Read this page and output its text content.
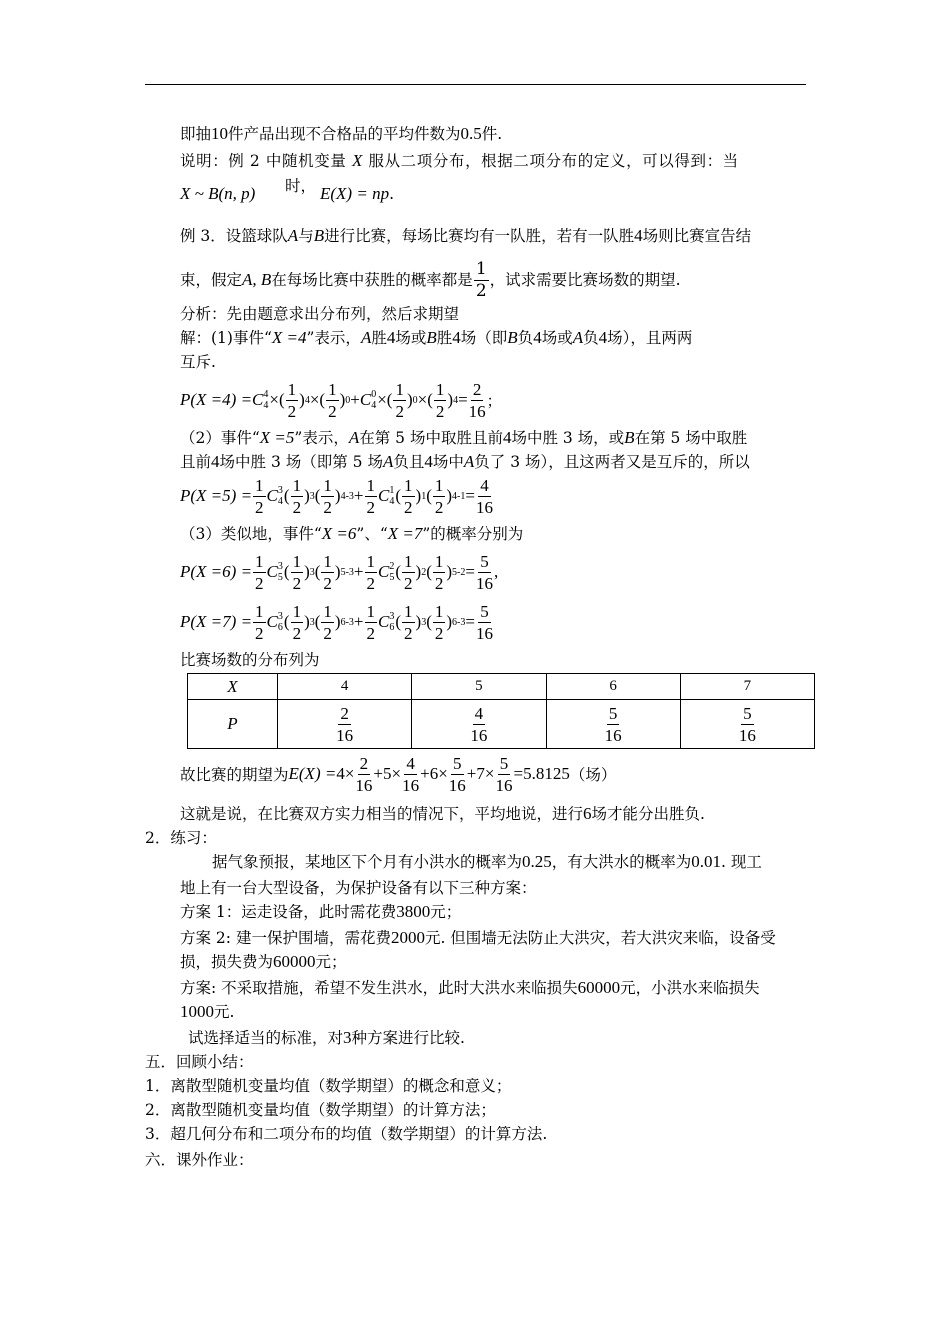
即抽10件产品出现不合格品的平均件数为0.5件.
说明：例 2 中随机变量 X 服从二项分布，根据二项分布的定义，可以得到：当
X ~ B(n, p) 时， E(X) = np.
例 3．设篮球队A与B进行比赛，每场比赛均有一队胜，若有一队胜4场则比赛宣告结
束，假定 A, B 在每场比赛中获胜的概率都是 $\frac{1}{2}$ ，试求需要比赛场数的期望.
分析：先由题意求出分布列，然后求期望
解：(1)事件“X =4”表示，A胜4场或B胜4场（即B负4场或A负4场），且两两
互斥.
P(X =4) = C 4
4 × ( $\frac{1}{2}$ ) 4 × ( $\frac{1}{2}$ ) 0 + C 0
4 × ( $\frac{1}{2}$ ) 0 × ( $\frac{1}{2}$ ) $4 = \frac{2}{16}$ ；
（2）事件“X =5”表示，A在第 5 场中取胜且前4场中胜 3 场，或B在第 5 场中取胜
且前4场中胜 3 场（即第 5 场A负且4场中A负了 3 场），且这两者又是互斥的，所以
$P(X =5) = \frac{1}{2}$ C 3
4 ( $\frac{1}{2}$ ) 3 ( $\frac{1}{2}$ ) $4-3 + \frac{1}{2}$ C 1
4 ( $\frac{1}{2}$ ) 1 ( $\frac{1}{2}$ ) $4-1 = \frac{4}{16}$
（3）类似地，事件“X =6”、“X =7”的概率分别为
$P(X =6) = \frac{1}{2}$ C 3
5 ( $\frac{1}{2}$ ) 3 ( $\frac{1}{2}$ ) $5-3 + \frac{1}{2}$ C 2
5 ( $\frac{1}{2}$ ) 2 ( $\frac{1}{2}$ ) $5-2 = \frac{5}{16}$ ,
$P(X =7) = \frac{1}{2}$ C 3
6 ( $\frac{1}{2}$ ) 3 ( $\frac{1}{2}$ ) $6-3 + \frac{1}{2}$ C 3
6 ( $\frac{1}{2}$ ) 3 ( $\frac{1}{2}$ ) $6-3 = \frac{5}{16}$
比赛场数的分布列为
X	4	5	6	7
P	$\frac{2}{16}$	$\frac{4}{16}$	$\frac{5}{16}$	$\frac{5}{16}$
故比赛的期望为 $E(X) = 4\times \frac{2}{16} +5\times \frac{4}{16} +6\times \frac{5}{16} +7\times \frac{5}{16} =5.8125$ （场）
这就是说，在比赛双方实力相当的情况下，平均地说，进行6场才能分出胜负.
2．练习：
据气象预报，某地区下个月有小洪水的概率为0.25，有大洪水的概率为0.01. 现工
地上有一台大型设备，为保护设备有以下三种方案：
方案 1：运走设备，此时需花费3800元；
方案 2: 建一保护围墙，需花费2000元. 但围墙无法防止大洪灾，若大洪灾来临，设备受
损，损失费为60000元；
方案: 不采取措施，希望不发生洪水，此时大洪水来临损失60000元，小洪水来临损失
1000元.
试选择适当的标准，对3种方案进行比较.
五．回顾小结：
1．离散型随机变量均值（数学期望）的概念和意义；
2．离散型随机变量均值（数学期望）的计算方法；
3．超几何分布和二项分布的均值（数学期望）的计算方法.
六．课外作业：
